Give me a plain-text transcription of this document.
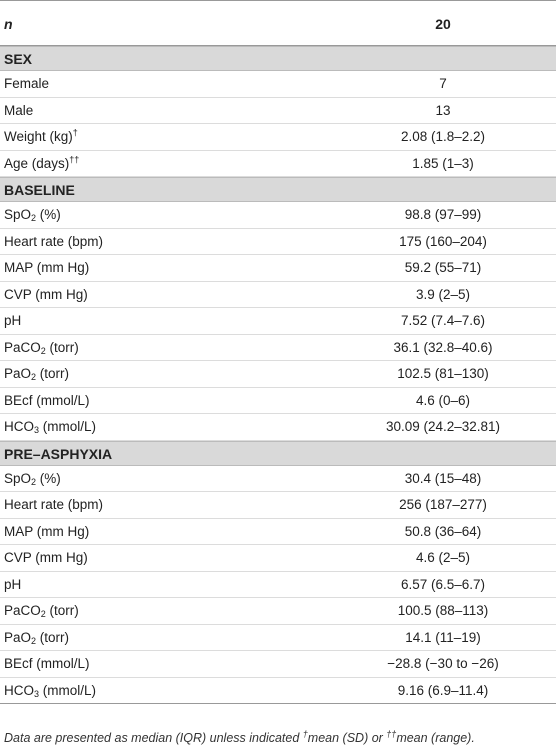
n	20
SEX
Female	7
Male	13
Weight (kg)†	2.08 (1.8–2.2)
Age (days)††	1.85 (1–3)
BASELINE
SpO$_2$ (%)	98.8 (97–99)
Heart rate (bpm)	175 (160–204)
MAP (mm Hg)	59.2 (55–71)
CVP (mm Hg)	3.9 (2–5)
pH	7.52 (7.4–7.6)
PaCO$_2$ (torr)	36.1 (32.8–40.6)
PaO$_2$ (torr)	102.5 (81–130)
BEcf (mmol/L)	4.6 (0–6)
$HCO_3$ (mmol/L)	30.09 (24.2–32.81)
PRE–ASPHYXIA
SpO$_2$ (%)	30.4 (15–48)
Heart rate (bpm)	256 (187–277)
MAP (mm Hg)	50.8 (36–64)
CVP (mm Hg)	4.6 (2–5)
pH	6.57 (6.5–6.7)
PaCO$_2$ (torr)	100.5 (88–113)
PaO$_2$ (torr)	14.1 (11–19)
BEcf (mmol/L)	−28.8 (−30 to −26)
$HCO_3$ (mmol/L)	9.16 (6.9–11.4)
Data are presented as median (IQR) unless indicated †mean (SD) or ††mean (range).
